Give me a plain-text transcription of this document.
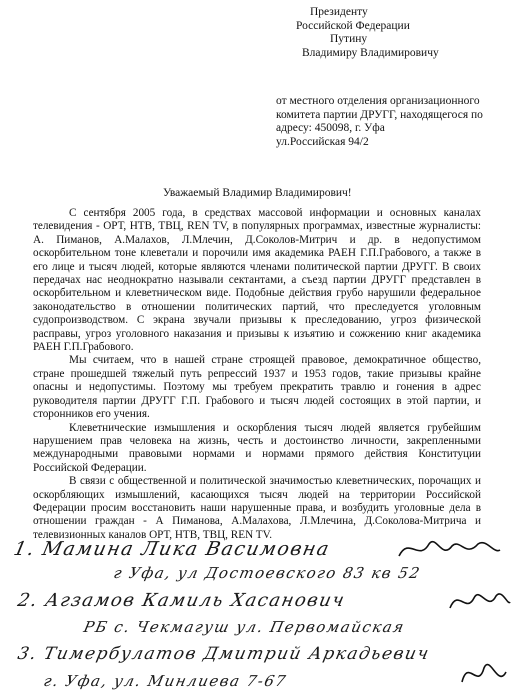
Президенту
Российской Федерации
Путину
Владимиру Владимировичу
от местного отделения организационного
комитета партии ДРУГГ, находящегося по
адресу: 450098, г. Уфа
ул.Российская 94/2
Уважаемый Владимир Владимирович!

С сентября 2005 года, в средствах массовой информации и основных каналах телевидения - ОРТ, НТВ, ТВЦ, REN TV, в популярных программах, известные журналисты: А. Пиманов, А.Малахов, Л.Млечин, Д.Соколов-Митрич и др. в недопустимом оскорбительном тоне клеветали и порочили имя академика РАЕН Г.П.Грабового, а также в его лице и тысяч людей, которые являются членами политической партии ДРУГГ. В своих передачах нас неоднократно называли сектантами, а съезд партии ДРУГГ представлен в оскорбительном и клеветническом виде. Подобные действия грубо нарушили федеральное законодательство в отношении политических партий, что преследуется уголовным судопроизводством. С экрана звучали призывы к преследованию, угроз физической расправы, угроз уголовного наказания и призывы к изъятию и сожжению книг академика РАЕН Г.П.Грабового.

Мы считаем, что в нашей стране строящей правовое, демократичное общество, стране прошедшей тяжелый путь репрессий 1937 и 1953 годов, такие призывы крайне опасны и недопустимы. Поэтому мы требуем прекратить травлю и гонения в адрес руководителя партии ДРУГГ Г.П. Грабового и тысяч людей состоящих в этой партии, и сторонников его учения.

Клеветнические измышления и оскорбления тысяч людей является грубейшим нарушением прав человека на жизнь, честь и достоинство личности, закрепленными международными правовыми нормами и нормами прямого действия Конституции Российской Федерации.

В связи с общественной и политической значимостью клеветнических, порочащих и оскорбляющих измышлений, касающихся тысяч людей на территории Российской Федерации просим восстановить наши нарушенные права, и возбудить уголовные дела в отношении граждан - А Пиманова, А.Малахова, Л.Млечина, Д.Соколова-Митрича и телевизионных каналов ОРТ, НТВ, ТВЦ, REN TV.

1. Мамина Лика Васимовна
г Уфа, ул Достоевского 83 кв 52
2. Агзамов Камиль Хасанович
РБ с. Чекмагуш ул. Первомайская
3. Тимербулатов Дмитрий Аркадьевич
г. Уфа, ул. Минлиева 7-67
